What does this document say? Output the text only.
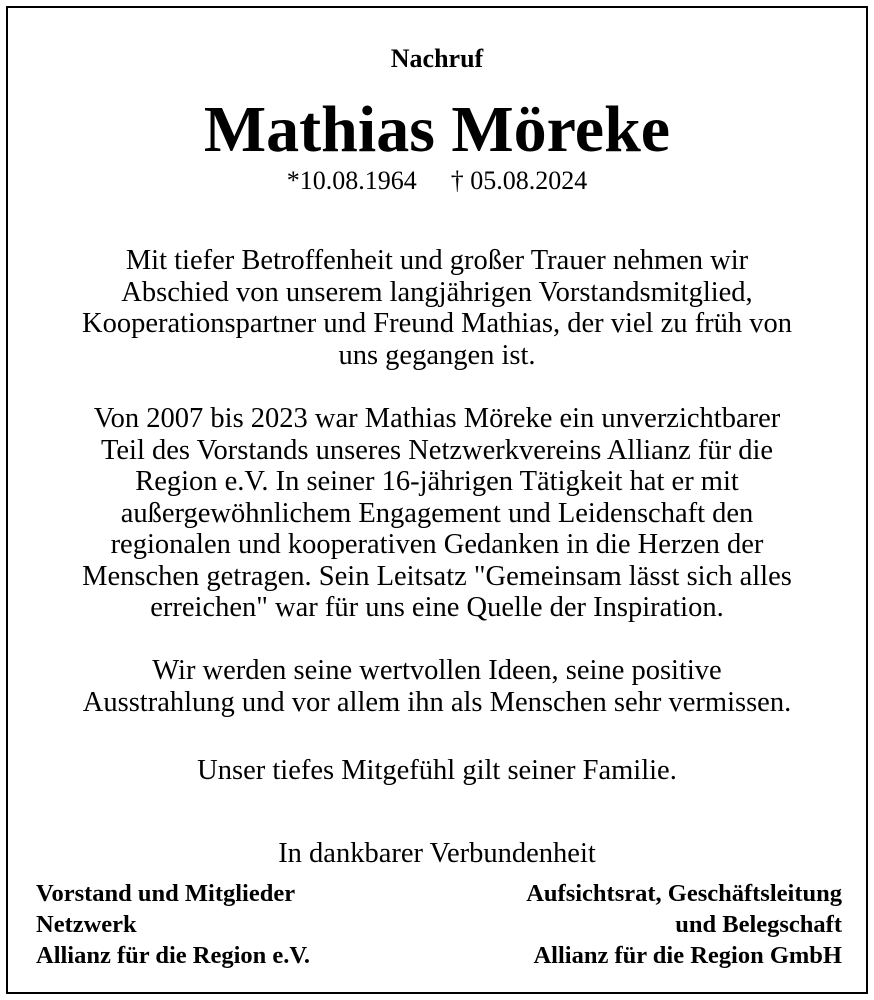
Nachruf
Mathias Möreke
*10.08.1964 † 05.08.2024
Mit tiefer Betroffenheit und großer Trauer nehmen wir
Abschied von unserem langjährigen Vorstandsmitglied,
Kooperationspartner und Freund Mathias, der viel zu früh von
uns gegangen ist.
Von 2007 bis 2023 war Mathias Möreke ein unverzichtbarer
Teil des Vorstands unseres Netzwerkvereins Allianz für die
Region e.V. In seiner 16-jährigen Tätigkeit hat er mit
außergewöhnlichem Engagement und Leidenschaft den
regionalen und kooperativen Gedanken in die Herzen der
Menschen getragen. Sein Leitsatz "Gemeinsam lässt sich alles
erreichen" war für uns eine Quelle der Inspiration.
Wir werden seine wertvollen Ideen, seine positive
Ausstrahlung und vor allem ihn als Menschen sehr vermissen.
Unser tiefes Mitgefühl gilt seiner Familie.
In dankbarer Verbundenheit
Vorstand und Mitglieder
Netzwerk
Allianz für die Region e.V.
Aufsichtsrat, Geschäftsleitung
und Belegschaft
Allianz für die Region GmbH
